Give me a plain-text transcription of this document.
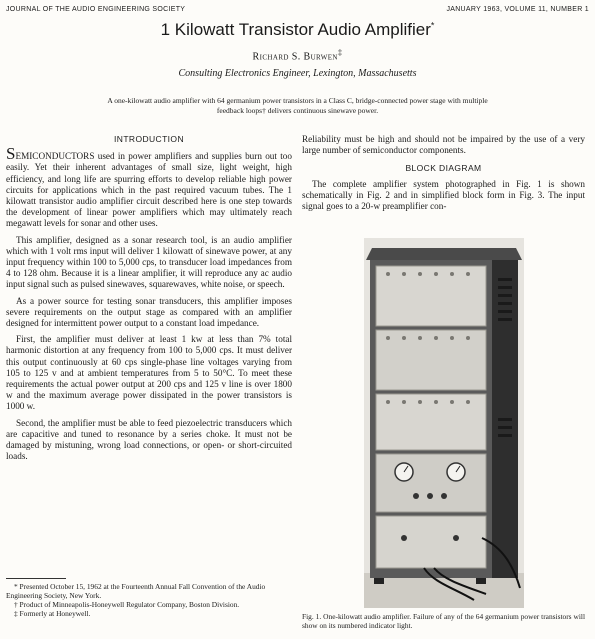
JOURNAL OF THE AUDIO ENGINEERING SOCIETY	JANUARY 1963, VOLUME 11, NUMBER 1
1 Kilowatt Transistor Audio Amplifier*
Richard S. Burwen‡
Consulting Electronics Engineer, Lexington, Massachusetts
A one-kilowatt audio amplifier with 64 germanium power transistors in a Class C, bridge-connected power stage with multiple feedback loops† delivers continuous sinewave power.
INTRODUCTION

SEMICONDUCTORS used in power amplifiers and supplies burn out too easily. Yet their inherent advantages of small size, light weight, high efficiency, and long life are spurring efforts to develop reliable high power circuits for applications which in the past required vacuum tubes. The 1 kilowatt transistor audio amplifier circuit described here is one step towards the development of linear power amplifiers which may ultimately reach megawatt levels for sonar and other uses.

This amplifier, designed as a sonar research tool, is an audio amplifier which with 1 volt rms input will deliver 1 kilowatt of sinewave power, at any input frequency within 100 to 5,000 cps, to transducer load impedances from 4 to 128 ohm. Because it is a linear amplifier, it will reproduce any ac audio input signal such as pulsed sinewaves, squarewaves, white noise, or speech.

As a power source for testing sonar transducers, this amplifier imposes severe requirements on the output stage as compared with an amplifier designed for intermittent power output to a constant load impedance.

First, the amplifier must deliver at least 1 kw at less than 7% total harmonic distortion at any frequency from 100 to 5,000 cps. It must deliver this output continuously at 60 cps single-phase line voltages varying from 105 to 125 v and at ambient temperatures from 5 to 50°C. To meet these requirements the actual power output at 200 cps and 125 v line is over 1800 w and the maximum average power dissipated in the power transistors is 1000 w.

Second, the amplifier must be able to feed piezoelectric transducers which are capacitive and tuned to resonance by a series choke. It must not be damaged by mistuning, wrong load connections, or open- or short-circuited loads.

Reliability must be high and should not be impaired by the use of a very large number of semiconductor components.

BLOCK DIAGRAM

The complete amplifier system photographed in Fig. 1 is shown schematically in Fig. 2 and in simplified block form in Fig. 3. The input signal goes to a 20-w preamplifier con-

* Presented October 15, 1962 at the Fourteenth Annual Fall Convention of the Audio Engineering Society, New York.
† Product of Minneapolis-Honeywell Regulator Company, Boston Division.
‡ Formerly at Honeywell.	Fig. 1. One-kilowatt audio amplifier. Failure of any of the 64 germanium power transistors will show on its numbered indicator light.
